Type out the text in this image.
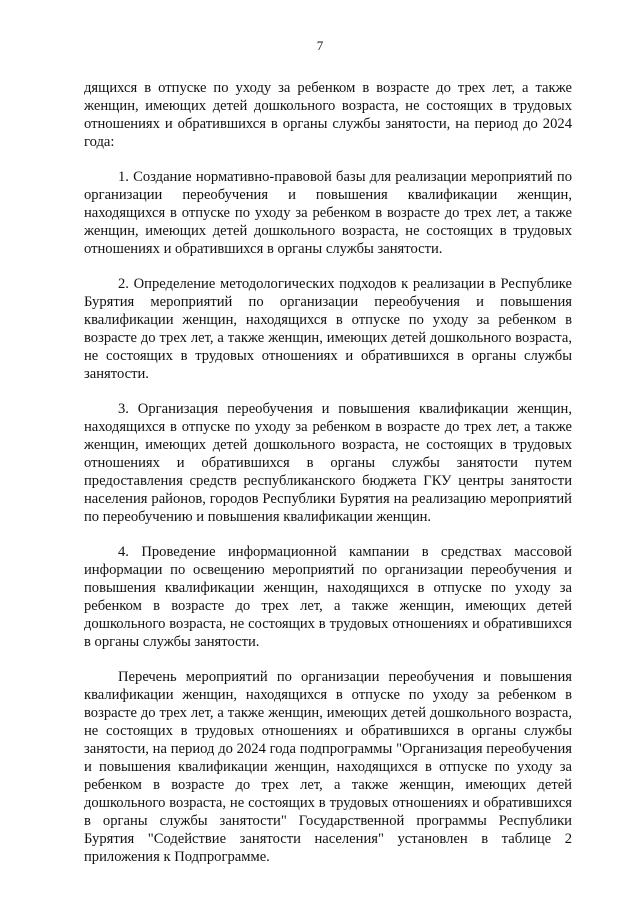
7

дящихся в отпуске по уходу за ребенком в возрасте до трех лет, а также женщин, имеющих детей дошкольного возраста, не состоящих в трудовых отношениях и обратившихся в органы службы занятости, на период до 2024 года:

1. Создание нормативно-правовой базы для реализации мероприятий по организации переобучения и повышения квалификации женщин, находящихся в отпуске по уходу за ребенком в возрасте до трех лет, а также женщин, имеющих детей дошкольного возраста, не состоящих в трудовых отношениях и обратившихся в органы службы занятости.

2. Определение методологических подходов к реализации в Республике Бурятия мероприятий по организации переобучения и повышения квалификации женщин, находящихся в отпуске по уходу за ребенком в возрасте до трех лет, а также женщин, имеющих детей дошкольного возраста, не состоящих в трудовых отношениях и обратившихся в органы службы занятости.

3. Организация переобучения и повышения квалификации женщин, находящихся в отпуске по уходу за ребенком в возрасте до трех лет, а также женщин, имеющих детей дошкольного возраста, не состоящих в трудовых отношениях и обратившихся в органы службы занятости путем предоставления средств республиканского бюджета ГКУ центры занятости населения районов, городов Республики Бурятия на реализацию мероприятий по переобучению и повышения квалификации женщин.

4. Проведение информационной кампании в средствах массовой информации по освещению мероприятий по организации переобучения и повышения квалификации женщин, находящихся в отпуске по уходу за ребенком в возрасте до трех лет, а также женщин, имеющих детей дошкольного возраста, не состоящих в трудовых отношениях и обратившихся в органы службы занятости.

Перечень мероприятий по организации переобучения и повышения квалификации женщин, находящихся в отпуске по уходу за ребенком в возрасте до трех лет, а также женщин, имеющих детей дошкольного возраста, не состоящих в трудовых отношениях и обратившихся в органы службы занятости, на период до 2024 года подпрограммы "Организация переобучения и повышения квалификации женщин, находящихся в отпуске по уходу за ребенком в возрасте до трех лет, а также женщин, имеющих детей дошкольного возраста, не состоящих в трудовых отношениях и обратившихся в органы службы занятости" Государственной программы Республики Бурятия "Содействие занятости населения" установлен в таблице 2 приложения к Подпрограмме.
